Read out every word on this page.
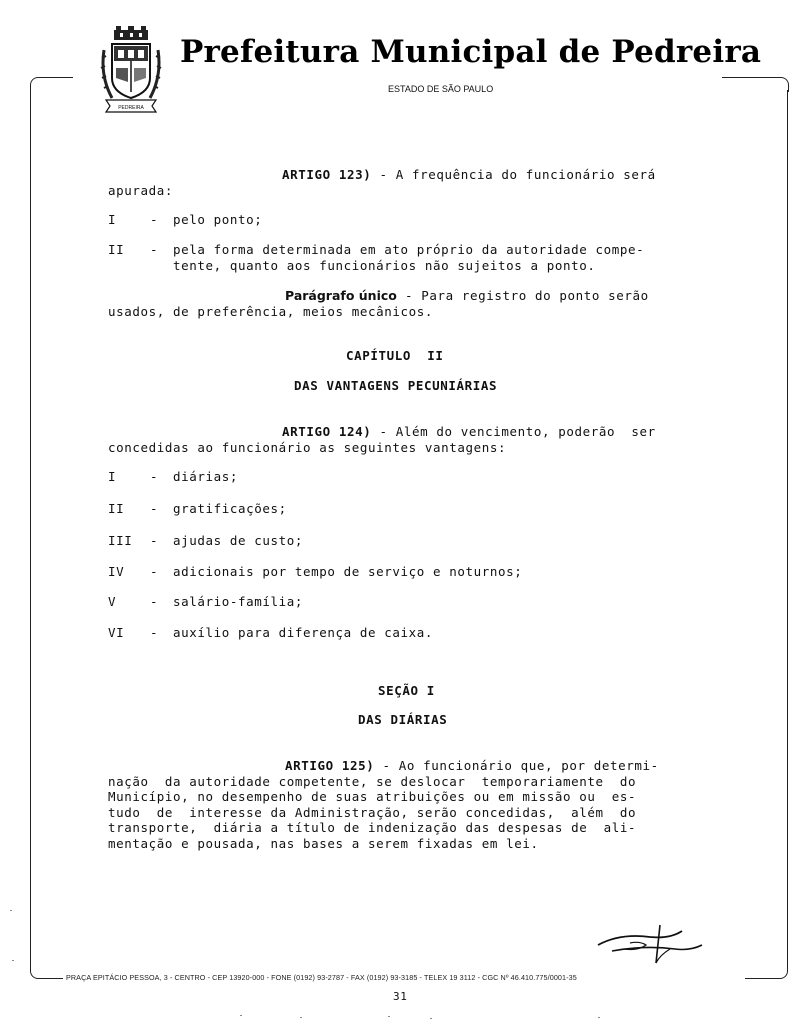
PEDREIRA
Prefeitura Municipal de Pedreira
ESTADO DE SÃO PAULO
ARTIGO 123) - A frequência do funcionário será
apurada:
I	- pelo ponto;
II - pela forma determinada em ato próprio da autoridade compe-
tente, quanto aos funcionários não sujeitos a ponto.
Parágrafo único - Para registro do ponto serão
usados, de preferência, meios mecânicos.
CAPÍTULO  II
DAS VANTAGENS PECUNIÁRIAS
ARTIGO 124) - Além do vencimento, poderão  ser
concedidas ao funcionário as seguintes vantagens:
I	- diárias;
II - gratificações;
III - ajudas de custo;
IV - adicionais por tempo de serviço e noturnos;
V	- salário-família;
VI - auxílio para diferença de caixa.
SEÇÃO I
DAS DIÁRIAS
ARTIGO 125) - Ao funcionário que, por determi-
nação  da autoridade competente, se deslocar  temporariamente  do
Município, no desempenho de suas atribuições ou em missão ou  es-
tudo  de  interesse da Administração, serão concedidas,  além  do
transporte,  diária a título de indenização das despesas de  ali-
mentação e pousada, nas bases a serem fixadas em lei.
PRAÇA EPITÁCIO PESSOA, 3 - CENTRO - CEP 13920-000 - FONE (0192) 93-2787 - FAX (0192) 93-3185 - TELEX 19 3112 - CGC Nº 46.410.775/0001-35
31
